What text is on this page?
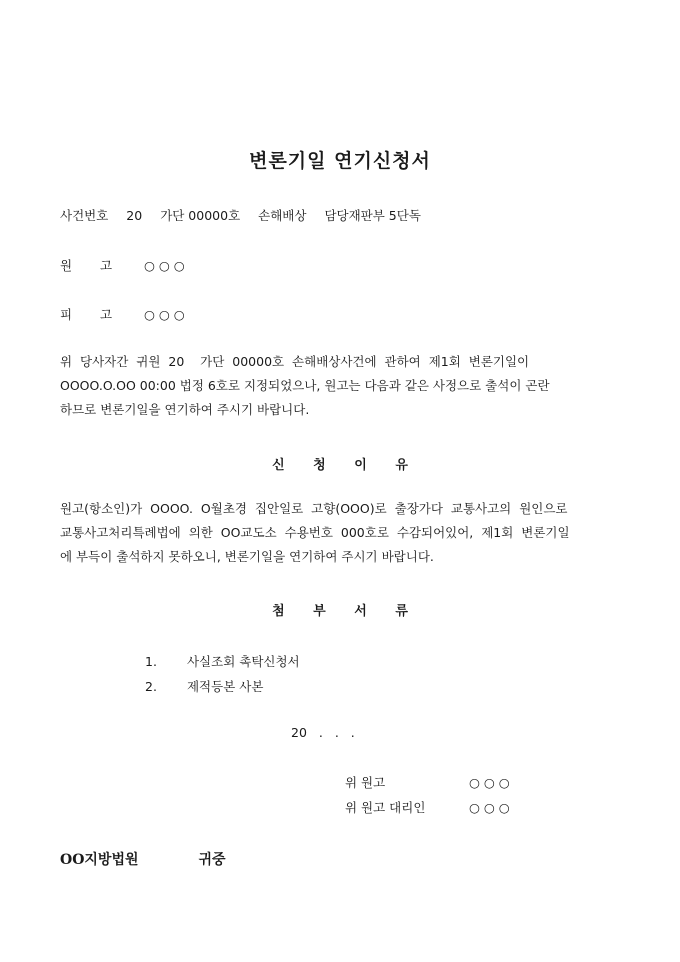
변론기일 연기신청서
사건번호 20 가단 00000호 손해배상 담당재판부 5단독
원 고	○ ○ ○
피 고	○ ○ ○

위  당사자간  귀원  20    가단  00000호  손해배상사건에  관하여  제1회  변론기일이

OOOO.O.OO 00:00 법정 6호로 지정되었으나, 원고는 다음과 같은 사정으로 출석이 곤란

하므로 변론기일을 연기하여 주시기 바랍니다.

신 청 이 유

원고(항소인)가  OOOO.  O월초경  집안일로  고향(OOO)로  출장가다  교통사고의  원인으로

교통사고처리특례법에  의한  OO교도소  수용번호  000호로  수감되어있어,  제1회  변론기일

에 부득이 출석하지 못하오니, 변론기일을 연기하여 주시기 바랍니다.

첨 부 서 류
1. 사실조회 촉탁신청서
2. 제적등본 사본
20 . . .
위 원고	○ ○ ○
위 원고 대리인	○ ○ ○
OO지방법원	귀중
